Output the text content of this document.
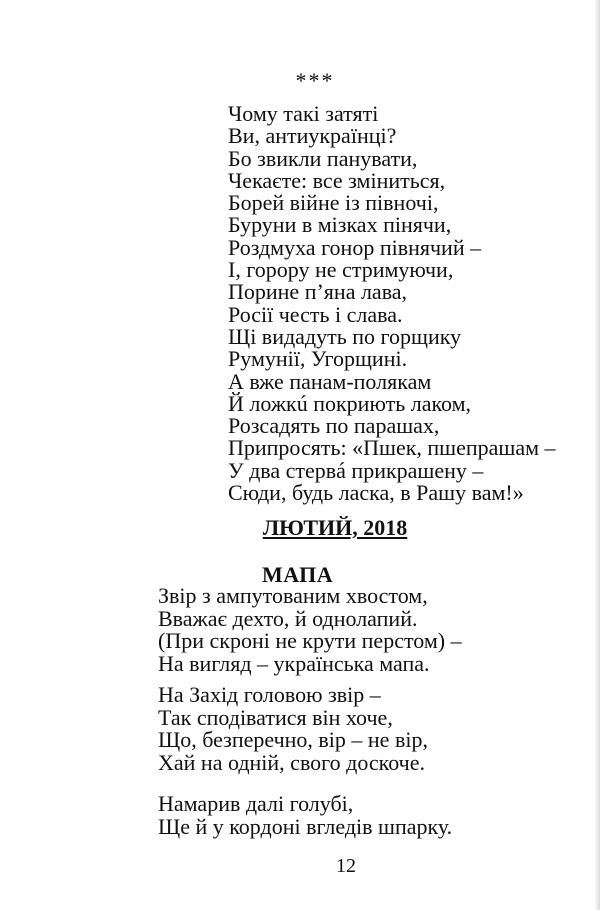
***
Чому такі затяті
Ви, антиукраїнці?
Бо звикли панувати,
Чекаєте: все зміниться,
Борей війне із півночі,
Буруни в мізках пінячи,
Роздмуха гонор півнячий –
І, горору не стримуючи,
Порине п’яна лава,
Росії честь і слава.
Щі видадуть по горщику
Румунії, Угорщині.
А вже панам-полякам
Й ложкú покриють лаком,
Розсадять по парашах,
Припросять: «Пшек, пшепрашам –
У два стервá прикрашену –
Сюди, будь ласка, в Рашу вам!»
ЛЮТИЙ, 2018
МАПА
Звір з ампутованим хвостом,
Вважає дехто, й однолапий.
(При скроні не крути перстом) –
На вигляд – українська мапа.
На Захід головою звір –
Так сподіватися він хоче,
Що, безперечно, вір – не вір,
Хай на одній, свого доскоче.
Намарив далі голубі,
Ще й у кордоні вгледів шпарку.
12
